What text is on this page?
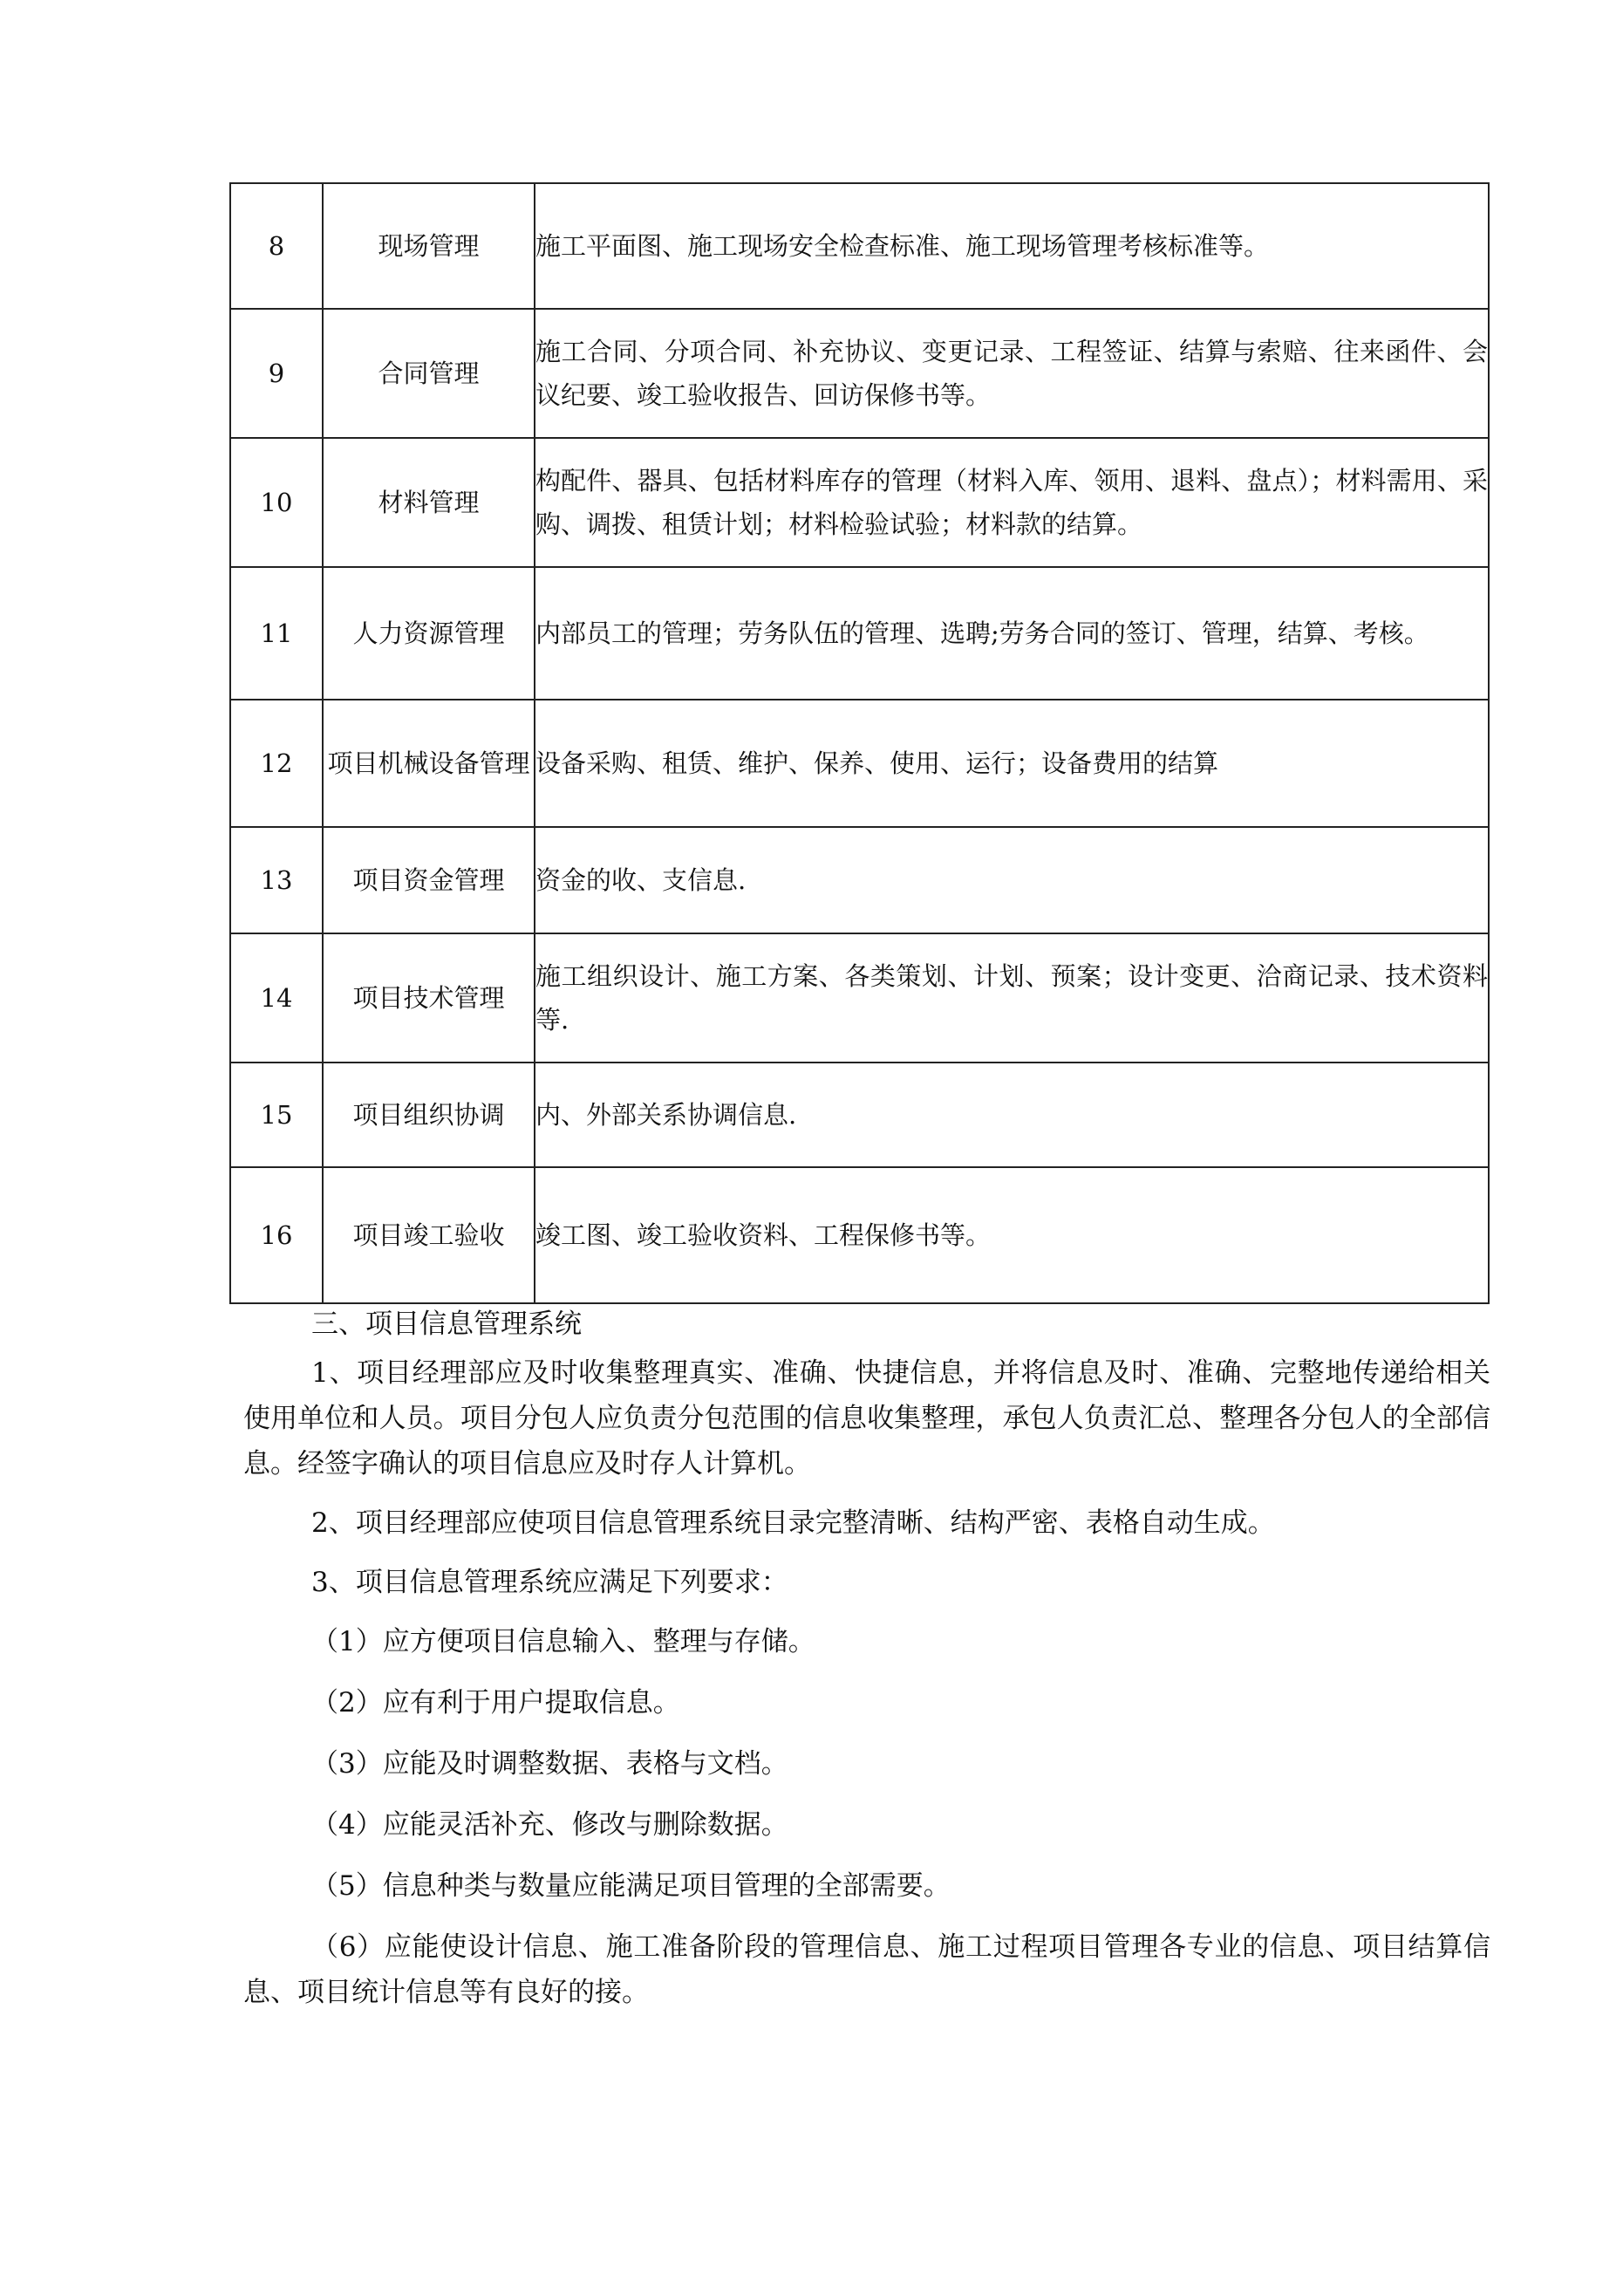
8	现场管理	施工平面图、施工现场安全检查标准、施工现场管理考核标准等。
9	合同管理	施工合同、分项合同、补充协议、变更记录、工程签证、结算与索赔、往来函件、会议纪要、竣工验收报告、回访保修书等。
10	材料管理	构配件、器具、包括材料库存的管理（材料入库、领用、退料、盘点）；材料需用、采购、调拨、租赁计划；材料检验试验；材料款的结算。
11	人力资源管理	内部员工的管理；劳务队伍的管理、选聘;劳务合同的签订、管理，结算、考核。
12	项目机械设备管理	设备采购、租赁、维护、保养、使用、运行；设备费用的结算
13	项目资金管理	资金的收、支信息.
14	项目技术管理	施工组织设计、施工方案、各类策划、计划、预案；设计变更、洽商记录、技术资料等.
15	项目组织协调	内、外部关系协调信息.
16	项目竣工验收	竣工图、竣工验收资料、工程保修书等。
三、项目信息管理系统
1、项目经理部应及时收集整理真实、准确、快捷信息，并将信息及时、准确、完整地传递给相关使用单位和人员。项目分包人应负责分包范围的信息收集整理，承包人负责汇总、整理各分包人的全部信息。经签字确认的项目信息应及时存人计算机。
2、项目经理部应使项目信息管理系统目录完整清晰、结构严密、表格自动生成。
3、项目信息管理系统应满足下列要求：
（1）应方便项目信息输入、整理与存储。
（2）应有利于用户提取信息。
（3）应能及时调整数据、表格与文档。
（4）应能灵活补充、修改与删除数据。
（5）信息种类与数量应能满足项目管理的全部需要。
（6）应能使设计信息、施工准备阶段的管理信息、施工过程项目管理各专业的信息、项目结算信息、项目统计信息等有良好的接。
